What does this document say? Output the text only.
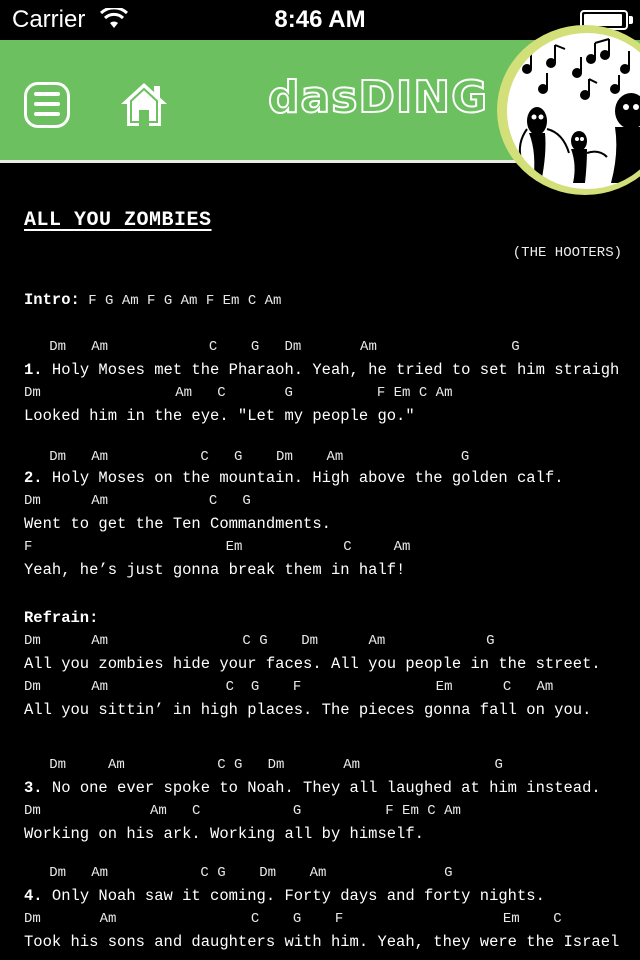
Carrier	8:46 AM
dasDING
ALL YOU ZOMBIES
(THE HOOTERS)
Intro: F G Am F G Am F Em C Am
Dm   Am            C    G   Dm       Am                G
1. Holy Moses met the Pharaoh. Yeah, he tried to set him straigh
Dm                Am   C       G          F Em C Am
Looked him in the eye. "Let my people go."
Dm   Am           C   G    Dm    Am              G
2. Holy Moses on the mountain. High above the golden calf.
Dm      Am            C   G
Went to get the Ten Commandments.
F                       Em            C     Am
Yeah, he’s just gonna break them in half!
Refrain:
Dm      Am                C G    Dm      Am            G
All you zombies hide your faces. All you people in the street.
Dm      Am              C  G    F                Em      C   Am
All you sittin’ in high places. The pieces gonna fall on you.
Dm     Am           C G   Dm       Am                G
3. No one ever spoke to Noah. They all laughed at him instead.
Dm             Am   C           G          F Em C Am
Working on his ark. Working all by himself.
Dm   Am           C G    Dm    Am              G
4. Only Noah saw it coming. Forty days and forty nights.
Dm       Am                C    G    F                   Em    C
Took his sons and daughters with him. Yeah, they were the Israel
